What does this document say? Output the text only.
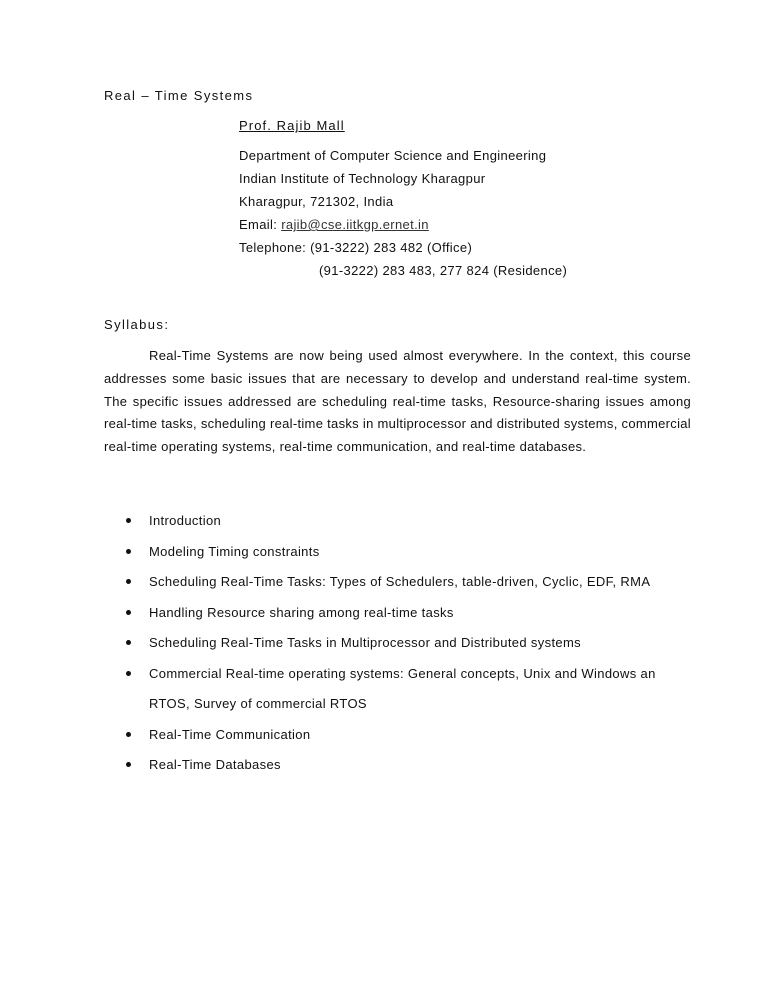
Real – Time Systems
Prof. Rajib Mall
Department of Computer Science and Engineering
Indian Institute of Technology Kharagpur
Kharagpur, 721302, India
Email: rajib@cse.iitkgp.ernet.in
Telephone: (91-3222) 283 482 (Office)
(91-3222) 283 483, 277 824 (Residence)
Syllabus:

Real-Time Systems are now being used almost everywhere. In the context, this course addresses some basic issues that are necessary to develop and understand real-time system. The specific issues addressed are scheduling real-time tasks, Resource-sharing issues among real-time tasks, scheduling real-time tasks in multiprocessor and distributed systems, commercial real-time operating systems, real-time communication, and real-time databases.

Introduction
Modeling Timing constraints
Scheduling Real-Time Tasks: Types of Schedulers, table-driven, Cyclic, EDF, RMA
Handling Resource sharing among real-time tasks
Scheduling Real-Time Tasks in Multiprocessor and Distributed systems
Commercial Real-time operating systems: General concepts, Unix and Windows an
RTOS, Survey of commercial RTOS
Real-Time Communication
Real-Time Databases
